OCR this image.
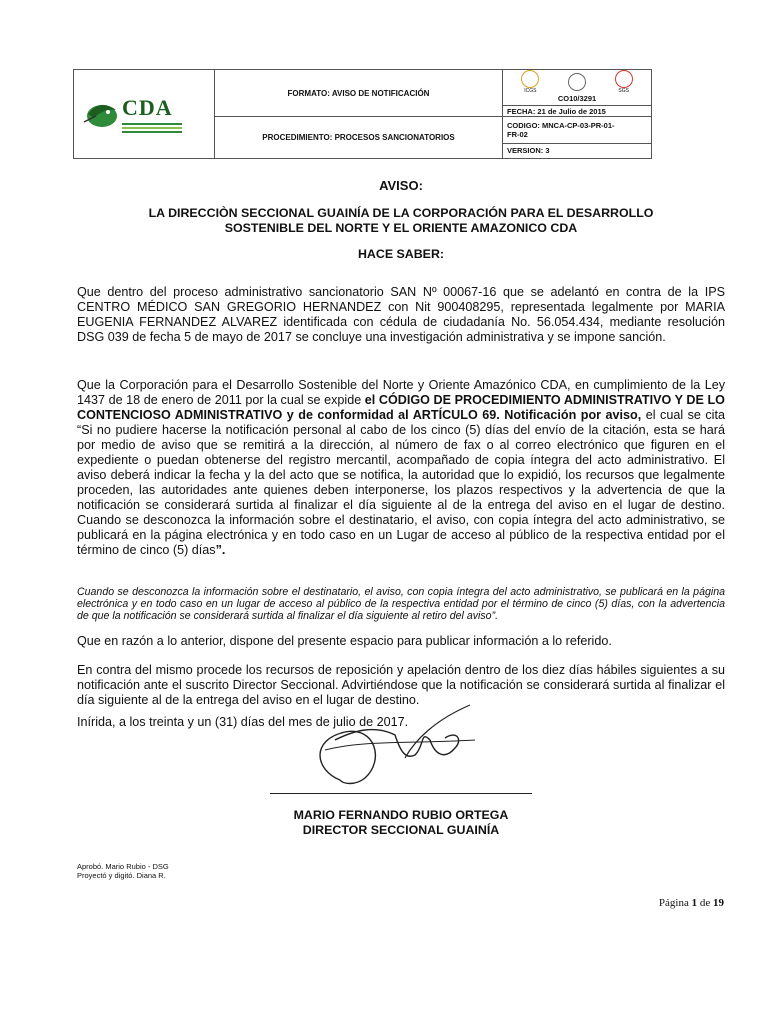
CDA	FORMATO: AVISO DE NOTIFICACIÓN	ICGS SGS
CO10/3291
FECHA: 21 de Julio de 2015

	PROCEDIMIENTO: PROCESOS SANCIONATORIOS	CODIGO: MNCA-CP-03-PR-01-FR-02
VERSION: 3
AVISO:
LA DIRECCIÒN SECCIONAL GUAINÍA DE LA CORPORACIÓN PARA EL DESARROLLO
SOSTENIBLE DEL NORTE Y EL ORIENTE AMAZONICO CDA
HACE SABER:

Que dentro del proceso administrativo sancionatorio SAN Nº 00067-16 que se adelantó en contra de la IPS CENTRO MÉDICO SAN GREGORIO HERNANDEZ con Nit 900408295, representada legalmente por MARIA EUGENIA FERNANDEZ ALVAREZ identificada con cédula de ciudadanía No. 56.054.434, mediante resolución DSG 039 de fecha 5 de mayo de 2017 se concluye una investigación administrativa y se impone sanción.

Que la Corporación para el Desarrollo Sostenible del Norte y Oriente Amazónico CDA, en cumplimiento de la Ley 1437 de 18 de enero de 2011 por la cual se expide el CÓDIGO DE PROCEDIMIENTO ADMINISTRATIVO Y DE LO CONTENCIOSO ADMINISTRATIVO y de conformidad al ARTÍCULO 69. Notificación por aviso, el cual se cita “Si no pudiere hacerse la notificación personal al cabo de los cinco (5) días del envío de la citación, esta se hará por medio de aviso que se remitirá a la dirección, al número de fax o al correo electrónico que figuren en el expediente o puedan obtenerse del registro mercantil, acompañado de copia íntegra del acto administrativo. El aviso deberá indicar la fecha y la del acto que se notifica, la autoridad que lo expidió, los recursos que legalmente proceden, las autoridades ante quienes deben interponerse, los plazos respectivos y la advertencia de que la notificación se considerará surtida al finalizar el día siguiente al de la entrega del aviso en el lugar de destino. Cuando se desconozca la información sobre el destinatario, el aviso, con copia íntegra del acto administrativo, se publicará en la página electrónica y en todo caso en un Lugar de acceso al público de la respectiva entidad por el término de cinco (5) días”.

Cuando se desconozca la información sobre el destinatario, el aviso, con copia íntegra del acto administrativo, se publicará en la página electrónica y en todo caso en un lugar de acceso al público de la respectiva entidad por el término de cinco (5) días, con la advertencia de que la notificación se considerará surtida al finalizar el día siguiente al retiro del aviso”.

Que en razón a lo anterior, dispone del presente espacio para publicar información a lo referido.

En contra del mismo procede los recursos de reposición y apelación dentro de los diez días hábiles siguientes a su notificación ante el suscrito Director Seccional. Advirtiéndose que la notificación se considerará surtida al finalizar el día siguiente al de la entrega del aviso en el lugar de destino.

Inírida, a los treinta y un (31) días del mes de julio de 2017.

MARIO FERNANDO RUBIO ORTEGA
DIRECTOR SECCIONAL GUAINÍA
Aprobó. Mario Rubio - DSG
Proyectó y digitó. Diana R.
Página 1 de 19
